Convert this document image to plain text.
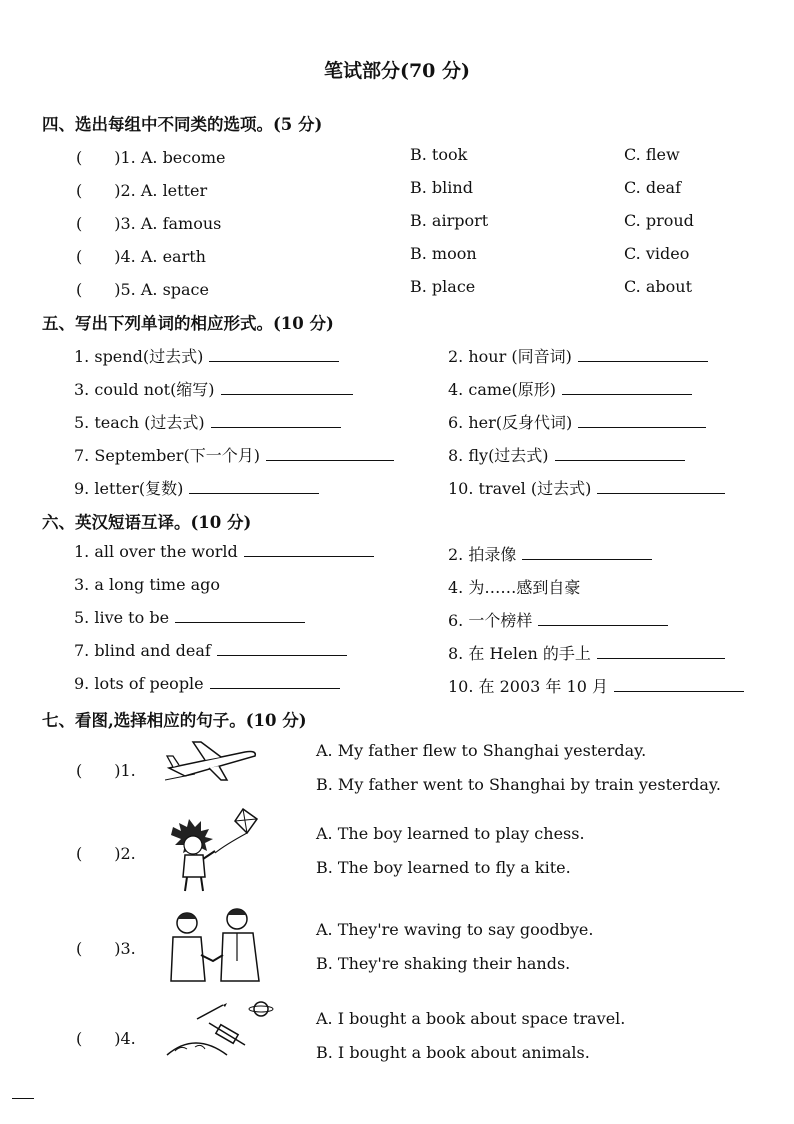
笔试部分(70 分)
四、选出每组中不同类的选项。(5 分)
(　　)1. A. become	B. took	C. flew
(　　)2. A. letter	B. blind	C. deaf
(　　)3. A. famous	B. airport	C. proud
(　　)4. A. earth	B. moon	C. video
(　　)5. A. space	B. place	C. about
五、写出下列单词的相应形式。(10 分)
1. spend(过去式)	2. hour (同音词)
3. could not(缩写)	4. came(原形)
5. teach (过去式)	6. her(反身代词)
7. September(下一个月)	8. fly(过去式)
9. letter(复数)	10. travel (过去式)
六、英汉短语互译。(10 分)
1. all over the world	2. 拍录像
3. a long time ago	4. 为……感到自豪
5. live to be	6. 一个榜样
7. blind and deaf	8. 在 Helen 的手上
9. lots of people	10. 在 2003 年 10 月
七、看图,选择相应的句子。(10 分)
(　　)1.
A. My father flew to Shanghai yesterday.
B. My father went to Shanghai by train yesterday.
(　　)2.
A. The boy learned to play chess.
B. The boy learned to fly a kite.
(　　)3.
A. They're waving to say goodbye.
B. They're shaking their hands.
(　　)4.
A. I bought a book about space travel.
B. I bought a book about animals.
